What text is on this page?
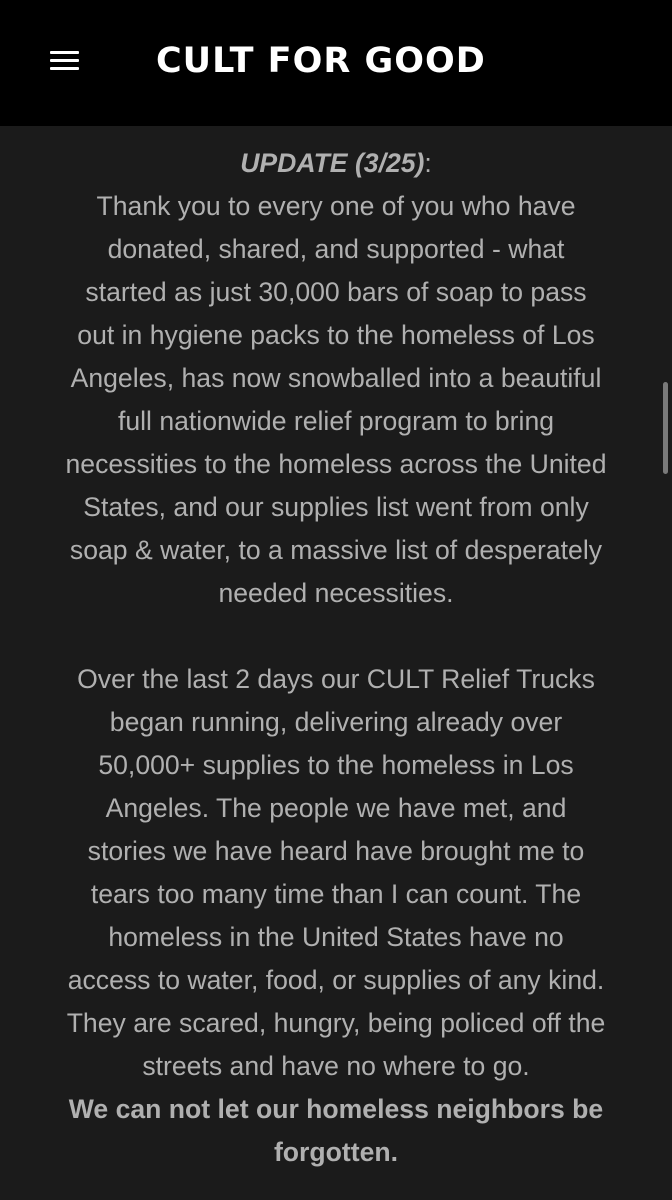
CULT FOR GOOD

UPDATE (3/25):

Thank you to every one of you who have
donated, shared, and supported - what
started as just 30,000 bars of soap to pass
out in hygiene packs to the homeless of Los
Angeles, has now snowballed into a beautiful
full nationwide relief program to bring
necessities to the homeless across the United
States, and our supplies list went from only
soap & water, to a massive list of desperately
needed necessities.

Over the last 2 days our CULT Relief Trucks
began running, delivering already over
50,000+ supplies to the homeless in Los
Angeles. The people we have met, and
stories we have heard have brought me to
tears too many time than I can count. The
homeless in the United States have no
access to water, food, or supplies of any kind.
They are scared, hungry, being policed off the
streets and have no where to go.

We can not let our homeless neighbors be
forgotten.
